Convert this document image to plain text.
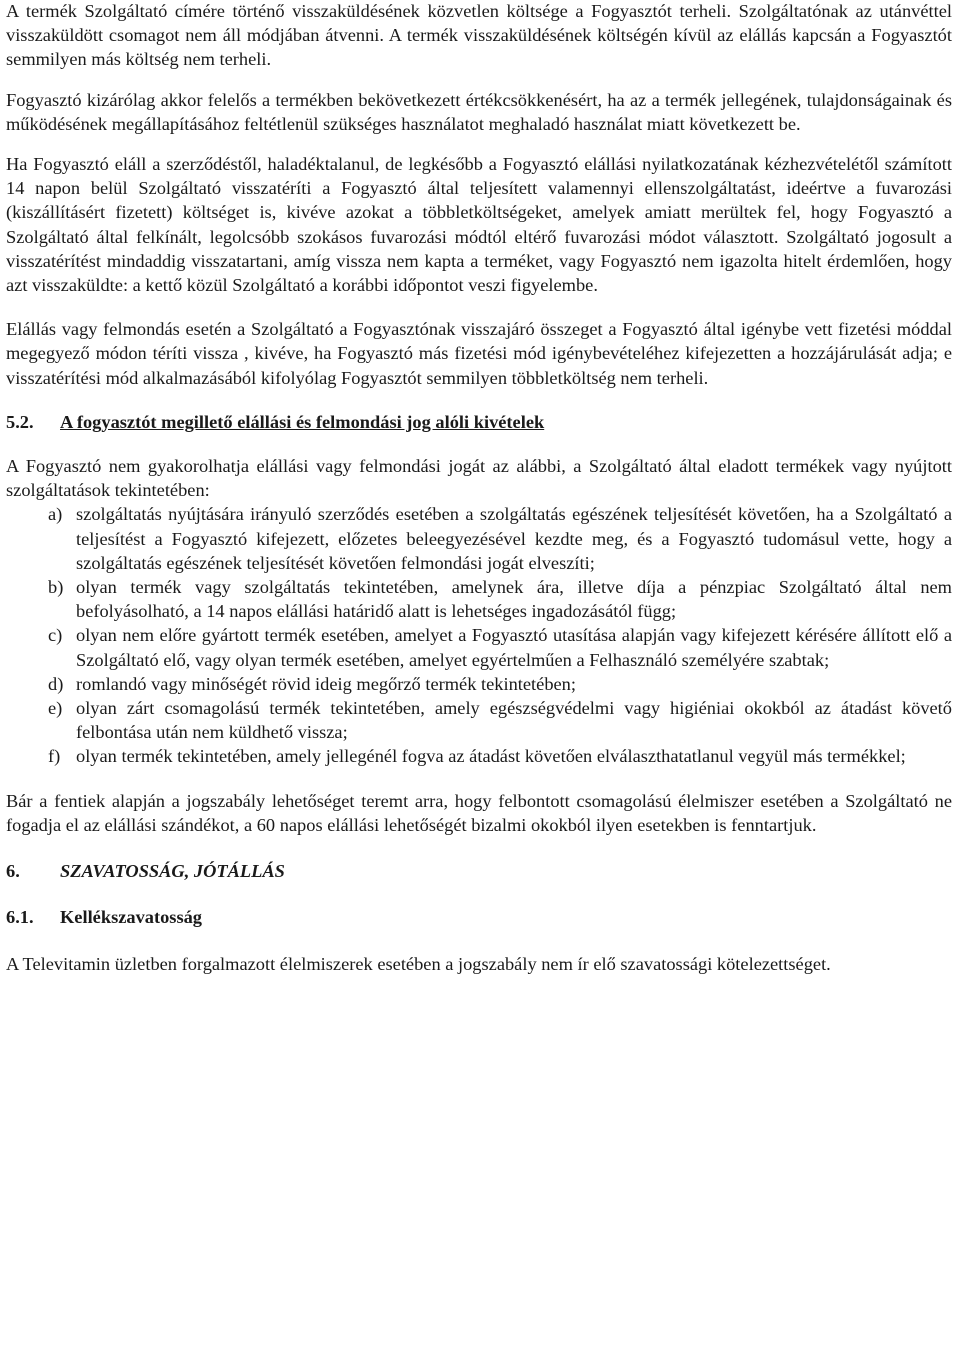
A termék Szolgáltató címére történő visszaküldésének közvetlen költsége a Fogyasztót terheli. Szolgáltatónak az utánvéttel visszaküldött csomagot nem áll módjában átvenni. A termék visszaküldésének költségén kívül az elállás kapcsán a Fogyasztót semmilyen más költség nem terheli.

Fogyasztó kizárólag akkor felelős a termékben bekövetkezett értékcsökkenésért, ha az a termék jellegének, tulajdonságainak és működésének megállapításához feltétlenül szükséges használatot meghaladó használat miatt következett be.

Ha Fogyasztó eláll a szerződéstől, haladéktalanul, de legkésőbb a Fogyasztó elállási nyilatkozatának kézhezvételétől számított 14 napon belül Szolgáltató visszatéríti a Fogyasztó által teljesített valamennyi ellenszolgáltatást, ideértve a fuvarozási (kiszállításért fizetett) költséget is, kivéve azokat a többletköltségeket, amelyek amiatt merültek fel, hogy Fogyasztó a Szolgáltató által felkínált, legolcsóbb szokásos fuvarozási módtól eltérő fuvarozási módot választott. Szolgáltató jogosult a visszatérítést mindaddig visszatartani, amíg vissza nem kapta a terméket, vagy Fogyasztó nem igazolta hitelt érdemlően, hogy azt visszaküldte: a kettő közül Szolgáltató a korábbi időpontot veszi figyelembe.

Elállás vagy felmondás esetén a Szolgáltató a Fogyasztónak visszajáró összeget a Fogyasztó által igénybe vett fizetési móddal megegyező módon téríti vissza , kivéve, ha Fogyasztó más fizetési mód igénybevételéhez kifejezetten a hozzájárulását adja; e visszatérítési mód alkalmazásából kifolyólag Fogyasztót semmilyen többletköltség nem terheli.

5.2. A fogyasztót megillető elállási és felmondási jog alóli kivételek

A Fogyasztó nem gyakorolhatja elállási vagy felmondási jogát az alábbi, a Szolgáltató által eladott termékek vagy nyújtott szolgáltatások tekintetében:

a) szolgáltatás nyújtására irányuló szerződés esetében a szolgáltatás egészének teljesítését követően, ha a Szolgáltató a teljesítést a Fogyasztó kifejezett, előzetes beleegyezésével kezdte meg, és a Fogyasztó tudomásul vette, hogy a szolgáltatás egészének teljesítését követően felmondási jogát elveszíti;
b) olyan termék vagy szolgáltatás tekintetében, amelynek ára, illetve díja a pénzpiac Szolgáltató által nem befolyásolható, a 14 napos elállási határidő alatt is lehetséges ingadozásától függ;
c) olyan nem előre gyártott termék esetében, amelyet a Fogyasztó utasítása alapján vagy kifejezett kérésére állított elő a Szolgáltató elő, vagy olyan termék esetében, amelyet egyértelműen a Felhasználó személyére szabtak;
d) romlandó vagy minőségét rövid ideig megőrző termék tekintetében;
e) olyan zárt csomagolású termék tekintetében, amely egészségvédelmi vagy higiéniai okokból az átadást követő felbontása után nem küldhető vissza;
f) olyan termék tekintetében, amely jellegénél fogva az átadást követően elválaszthatatlanul vegyül más termékkel;

Bár a fentiek alapján a jogszabály lehetőséget teremt arra, hogy felbontott csomagolású élelmiszer esetében a Szolgáltató ne fogadja el az elállási szándékot, a 60 napos elállási lehetőségét bizalmi okokból ilyen esetekben is fenntartjuk.

6. SZAVATOSSÁG, JÓTÁLLÁS

6.1. Kellékszavatosság

A Televitamin üzletben forgalmazott élelmiszerek esetében a jogszabály nem ír elő szavatossági kötelezettséget.
